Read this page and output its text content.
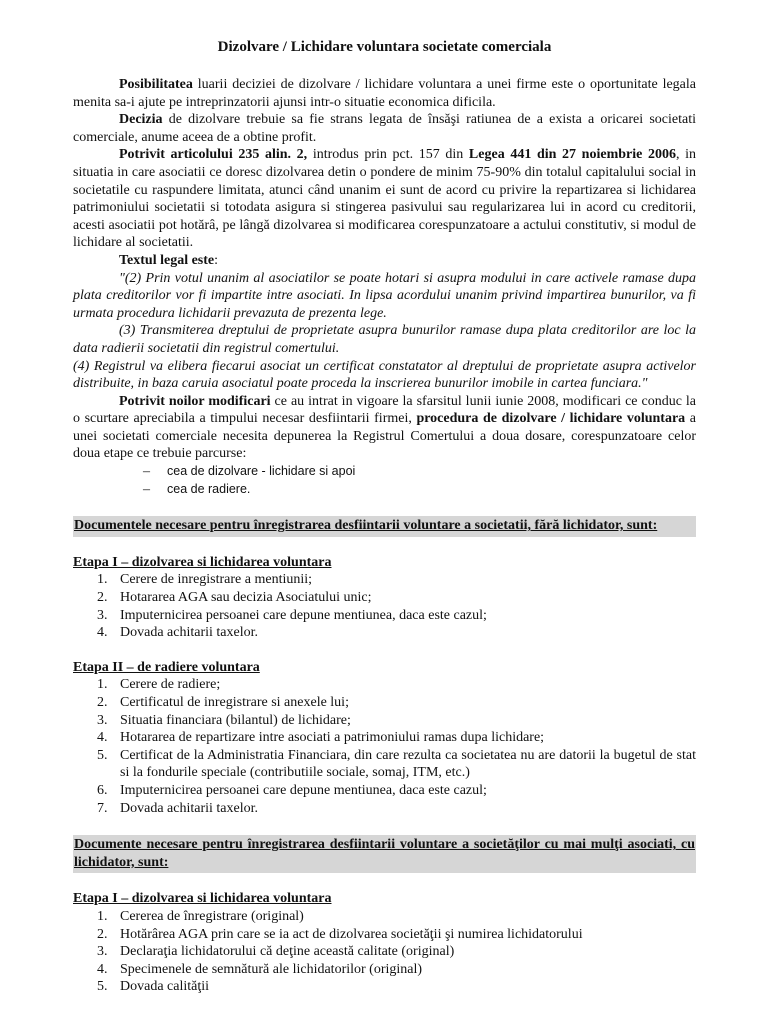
Dizolvare / Lichidare voluntara societate comerciala

Posibilitatea luarii deciziei de dizolvare / lichidare voluntara a unei firme este o oportunitate legala menita sa-i ajute pe intreprinzatorii ajunsi intr-o situatie economica dificila.

Decizia de dizolvare trebuie sa fie strans legata de însăşi ratiunea de a exista a oricarei societati comerciale, anume aceea de a obtine profit.

Potrivit articolului 235 alin. 2, introdus prin pct. 157 din Legea 441 din 27 noiembrie 2006, in situatia in care asociatii ce doresc dizolvarea detin o pondere de minim 75-90% din totalul capitalului social in societatile cu raspundere limitata, atunci când unanim ei sunt de acord cu privire la repartizarea si lichidarea patrimoniului societatii si totodata asigura si stingerea pasivului sau regularizarea lui in acord cu creditorii, acesti asociatii pot hotărâ, pe lângă dizolvarea si modificarea corespunzatoare a actului constitutiv, si modul de lichidare al societatii.

Textul legal este:

"(2) Prin votul unanim al asociatilor se poate hotari si asupra modului in care activele ramase dupa plata creditorilor vor fi impartite intre asociati. In lipsa acordului unanim privind impartirea bunurilor, va fi urmata procedura lichidarii prevazuta de prezenta lege.

(3) Transmiterea dreptului de proprietate asupra bunurilor ramase dupa plata creditorilor are loc la data radierii societatii din registrul comertului.

(4) Registrul va elibera fiecarui asociat un certificat constatator al dreptului de proprietate asupra activelor distribuite, in baza caruia asociatul poate proceda la inscrierea bunurilor imobile in cartea funciara."

Potrivit noilor modificari ce au intrat in vigoare la sfarsitul lunii iunie 2008, modificari ce conduc la o scurtare apreciabila a timpului necesar desfiintarii firmei, procedura de dizolvare / lichidare voluntara a unei societati comerciale necesita depunerea la Registrul Comertului a doua dosare, corespunzatoare celor doua etape ce trebuie parcurse:

– cea de dizolvare - lichidare si apoi
– cea de radiere.

Documentele necesare pentru înregistrarea desfiintarii voluntare a societatii, fără lichidator, sunt:

Etapa I – dizolvarea si lichidarea voluntara

1. Cerere de inregistrare a mentiunii;
2. Hotararea AGA sau decizia Asociatului unic;
3. Imputernicirea persoanei care depune mentiunea, daca este cazul;
4. Dovada achitarii taxelor.

Etapa II – de radiere voluntara

1. Cerere de radiere;
2. Certificatul de inregistrare si anexele lui;
3. Situatia financiara (bilantul) de lichidare;
4. Hotararea de repartizare intre asociati a patrimoniului ramas dupa lichidare;
5. Certificat de la Administratia Financiara, din care rezulta ca societatea nu are datorii la bugetul de stat si la fondurile speciale (contributiile sociale, somaj, ITM, etc.)
6. Imputernicirea persoanei care depune mentiunea, daca este cazul;
7. Dovada achitarii taxelor.

Documente necesare pentru înregistrarea desfiintarii voluntare a societăţilor cu mai mulţi asociati, cu lichidator, sunt:

Etapa I – dizolvarea si lichidarea voluntara

1. Cererea de înregistrare (original)
2. Hotărârea AGA prin care se ia act de dizolvarea societăţii şi numirea lichidatorului
3. Declaraţia lichidatorului că deţine această calitate (original)
4. Specimenele de semnătură ale lichidatorilor (original)
5. Dovada calităţii
